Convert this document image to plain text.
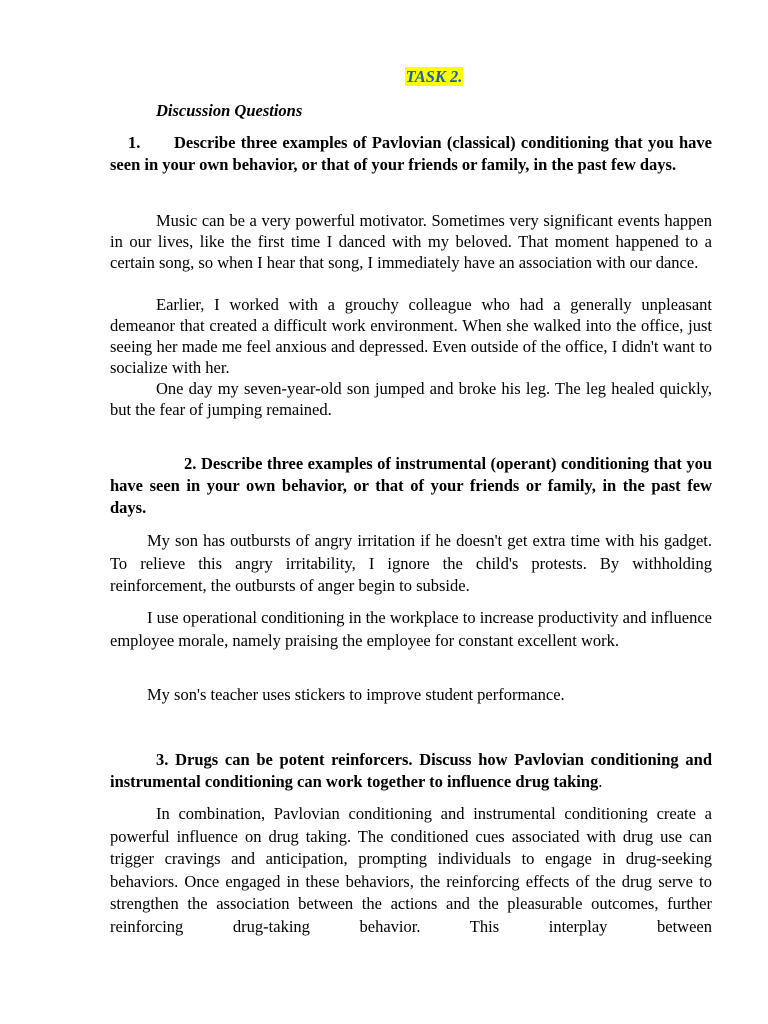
TASK 2.
Discussion Questions

1. Describe three examples of Pavlovian (classical) conditioning that you have seen in your own behavior, or that of your friends or family, in the past few days.

Music can be a very powerful motivator. Sometimes very significant events happen in our lives, like the first time I danced with my beloved. That moment happened to a certain song, so when I hear that song, I immediately have an association with our dance.

Earlier, I worked with a grouchy colleague who had a generally unpleasant demeanor that created a difficult work environment. When she walked into the office, just seeing her made me feel anxious and depressed. Even outside of the office, I didn't want to socialize with her.

One day my seven-year-old son jumped and broke his leg. The leg healed quickly, but the fear of jumping remained.

2. Describe three examples of instrumental (operant) conditioning that you have seen in your own behavior, or that of your friends or family, in the past few days.

My son has outbursts of angry irritation if he doesn't get extra time with his gadget. To relieve this angry irritability, I ignore the child's protests. By withholding reinforcement, the outbursts of anger begin to subside.

I use operational conditioning in the workplace to increase productivity and influence employee morale, namely praising the employee for constant excellent work.

My son's teacher uses stickers to improve student performance.

3. Drugs can be potent reinforcers. Discuss how Pavlovian conditioning and instrumental conditioning can work together to influence drug taking.

In combination, Pavlovian conditioning and instrumental conditioning create a powerful influence on drug taking. The conditioned cues associated with drug use can trigger cravings and anticipation, prompting individuals to engage in drug-seeking behaviors. Once engaged in these behaviors, the reinforcing effects of the drug serve to strengthen the association between the actions and the pleasurable outcomes, further reinforcing drug-taking behavior. This interplay between
